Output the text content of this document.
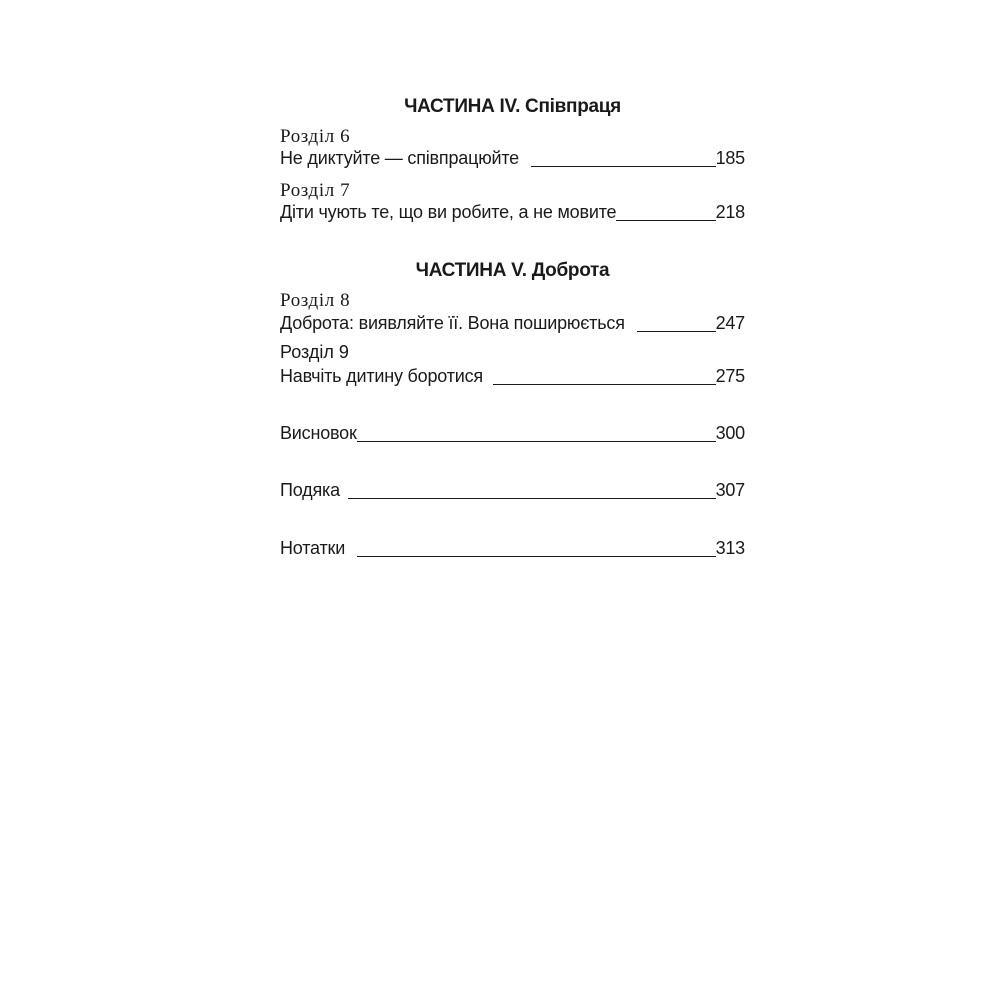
ЧАСТИНА IV. Співпраця
Розділ 6
Не диктуйте — співпрацюйте	185
Розділ 7
Діти чують те, що ви робите, а не мовите	218
ЧАСТИНА V. Доброта
Розділ 8
Доброта: виявляйте її. Вона поширюється	247
Розділ 9
Навчіть дитину боротися	275
Висновок	300
Подяка	307
Нотатки	313
